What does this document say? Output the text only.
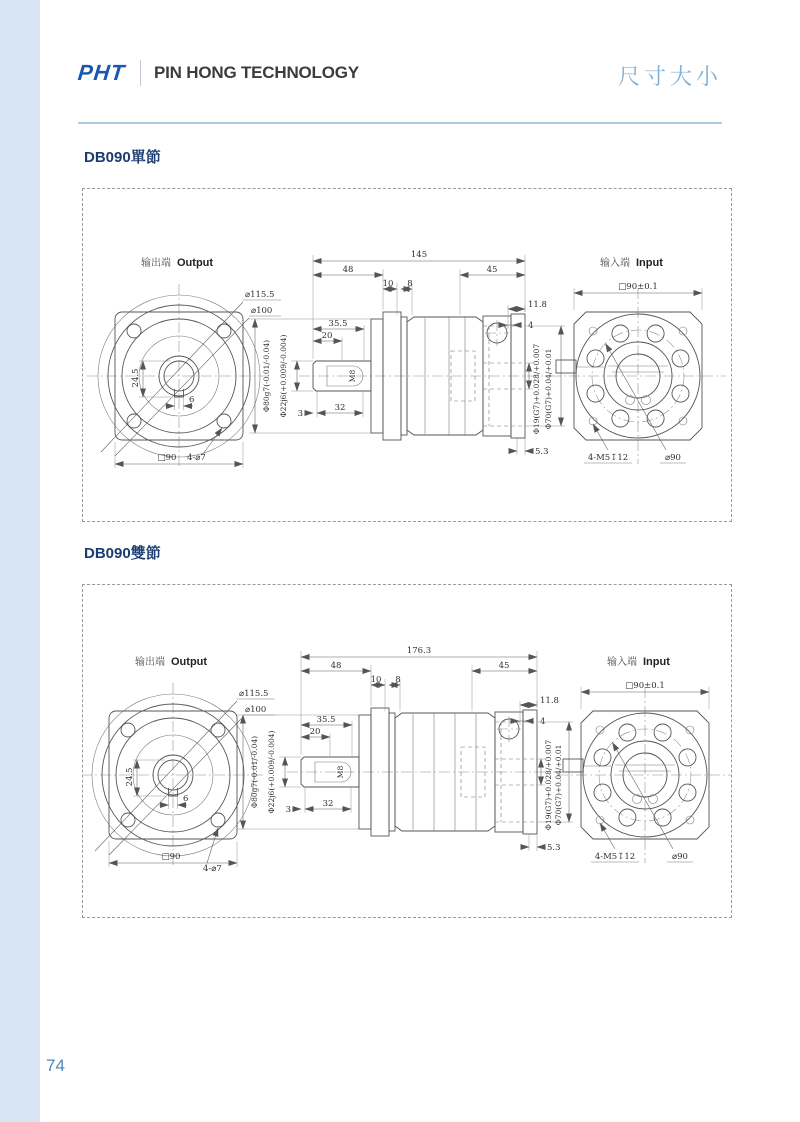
PHT PIN HONG TECHNOLOGY	尺寸大小
DB090單節
⌀115.5
⌀100
24.5
6
□90 4-⌀7
输出端 Output
145
48	45
10 8
35.5
20
3
32
11.8
4
5.3
Φ80g7(-0.01/-0.04) Φ22j6(+0.009/-0.004)	M8	Φ19(G7)+0.028/+0.007 Φ70(G7)+0.04/+0.01
□90±0.1
4-M5↧12	⌀90
输入端 Input
DB090雙節
⌀115.5
⌀100
24.5
6
□90
4-⌀7
输出端 Output
176.3
48	45
10 8
35.5
20
3
32
11.8
4
5.3
Φ80g7(-0.01/-0.04) Φ22j6(+0.009/-0.004)	M8	Φ19(G7)+0.028/+0.007 Φ70(G7)+0.04/+0.01
□90±0.1
4-M5↧12	⌀90
输入端 Input
74
